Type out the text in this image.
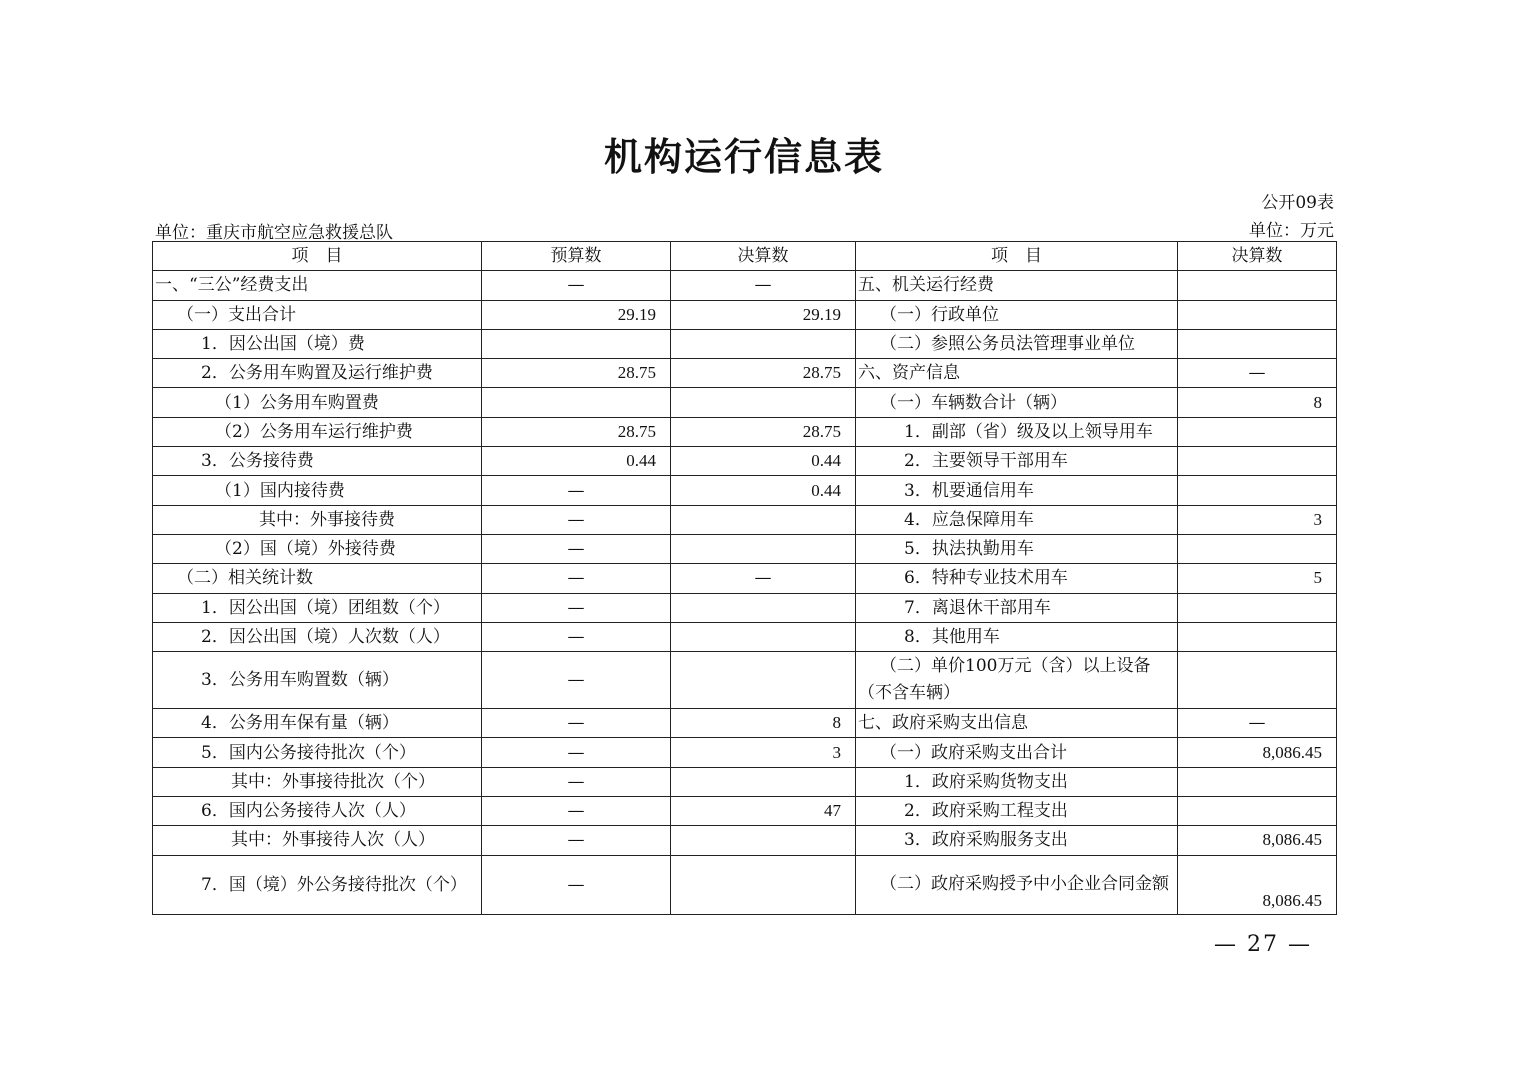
机构运行信息表
公开09表
单位：重庆市航空应急救援总队	单位：万元
项　目	预算数	决算数	项　目	决算数
一、“三公”经费支出	—	—	五、机关运行经费	
（一）支出合计	29.19	29.19	（一）行政单位	
1．因公出国（境）费			（二）参照公务员法管理事业单位	
2．公务用车购置及运行维护费	28.75	28.75	六、资产信息	—
（1）公务用车购置费			（一）车辆数合计（辆）	8
（2）公务用车运行维护费	28.75	28.75	1．副部（省）级及以上领导用车	
3．公务接待费	0.44	0.44	2．主要领导干部用车	
（1）国内接待费	—	0.44	3．机要通信用车	
其中：外事接待费	—		4．应急保障用车	3
（2）国（境）外接待费	—		5．执法执勤用车	
（二）相关统计数	—	—	6．特种专业技术用车	5
1．因公出国（境）团组数（个）	—		7．离退休干部用车	
2．因公出国（境）人次数（人）	—		8．其他用车	
3．公务用车购置数（辆）	—		（二）单价100万元（含）以上设备（不含车辆）	
4．公务用车保有量（辆）	—	8	七、政府采购支出信息	—
5．国内公务接待批次（个）	—	3	（一）政府采购支出合计	8,086.45
其中：外事接待批次（个）	—		1．政府采购货物支出	
6．国内公务接待人次（人）	—	47	2．政府采购工程支出	
其中：外事接待人次（人）	—		3．政府采购服务支出	8,086.45
7．国（境）外公务接待批次（个）	—		（二）政府采购授予中小企业合同金额	8,086.45
— 27 —
